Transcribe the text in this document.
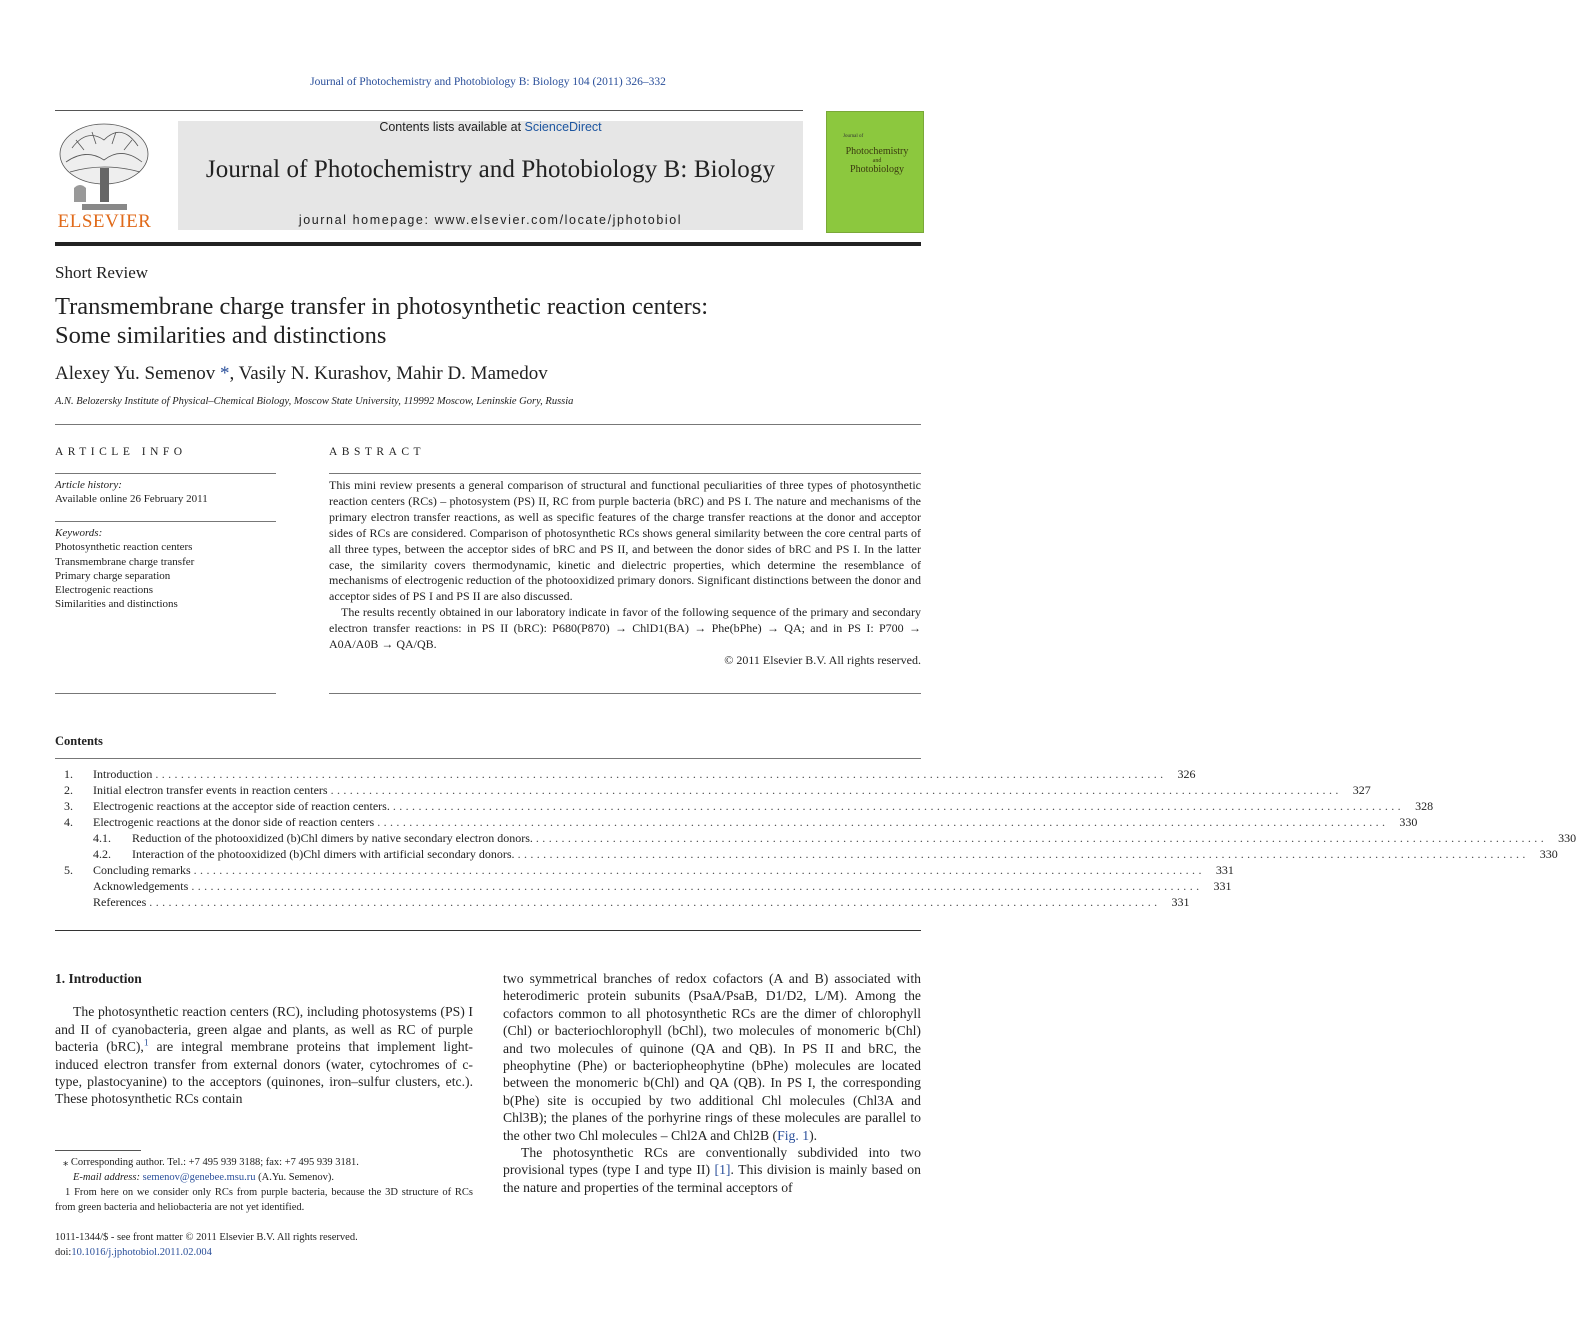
Journal of Photochemistry and Photobiology B: Biology 104 (2011) 326–332
ELSEVIER
Contents lists available at ScienceDirect
Journal of Photochemistry and Photobiology B: Biology
journal homepage: www.elsevier.com/locate/jphotobiol
Journal of
Photochemistry
and
Photobiology
Short Review
Transmembrane charge transfer in photosynthetic reaction centers:
Some similarities and distinctions
Alexey Yu. Semenov *, Vasily N. Kurashov, Mahir D. Mamedov
A.N. Belozersky Institute of Physical–Chemical Biology, Moscow State University, 119992 Moscow, Leninskie Gory, Russia
ARTICLE INFO
Article history:
Available online 26 February 2011
Keywords:
Photosynthetic reaction centers
Transmembrane charge transfer
Primary charge separation
Electrogenic reactions
Similarities and distinctions
ABSTRACT

This mini review presents a general comparison of structural and functional peculiarities of three types of photosynthetic reaction centers (RCs) – photosystem (PS) II, RC from purple bacteria (bRC) and PS I. The nature and mechanisms of the primary electron transfer reactions, as well as specific features of the charge transfer reactions at the donor and acceptor sides of RCs are considered. Comparison of photosynthetic RCs shows general similarity between the core central parts of all three types, between the acceptor sides of bRC and PS II, and between the donor sides of bRC and PS I. In the latter case, the similarity covers thermodynamic, kinetic and dielectric properties, which determine the resemblance of mechanisms of electrogenic reduction of the photooxidized primary donors. Significant distinctions between the donor and acceptor sides of PS I and PS II are also discussed.

The results recently obtained in our laboratory indicate in favor of the following sequence of the primary and secondary electron transfer reactions: in PS II (bRC): P680(P870) → ChlD1(BA) → Phe(bPhe) → QA; and in PS I: P700 → A0A/A0B → QA/QB.

© 2011 Elsevier B.V. All rights reserved.

Contents
1.	Introduction .............................................................................................................................................................. 326
2.	Initial electron transfer events in reaction centers .............................................................................................................................................................. 327
3.	Electrogenic reactions at the acceptor side of reaction centers. .............................................................................................................................................................. 328
4.	Electrogenic reactions at the donor side of reaction centers .............................................................................................................................................................. 330
4.1.	Reduction of the photooxidized (b)Chl dimers by native secondary electron donors. .............................................................................................................................................................. 330
4.2.	Interaction of the photooxidized (b)Chl dimers with artificial secondary donors. .............................................................................................................................................................. 330
5.	Concluding remarks .............................................................................................................................................................. 331
Acknowledgements .............................................................................................................................................................. 331
References .............................................................................................................................................................. 331
1. Introduction

The photosynthetic reaction centers (RC), including photosystems (PS) I and II of cyanobacteria, green algae and plants, as well as RC of purple bacteria (bRC),$^1$ are integral membrane proteins that implement light-induced electron transfer from external donors (water, cytochromes of c-type, plastocyanine) to the acceptors (quinones, iron–sulfur clusters, etc.). These photosynthetic RCs contain

two symmetrical branches of redox cofactors (A and B) associated with heterodimeric protein subunits (PsaA/PsaB, D1/D2, L/M). Among the cofactors common to all photosynthetic RCs are the dimer of chlorophyll (Chl) or bacteriochlorophyll (bChl), two molecules of monomeric b(Chl) and two molecules of quinone (QA and QB). In PS II and bRC, the pheophytine (Phe) or bacteriopheophytine (bPhe) molecules are located between the monomeric b(Chl) and QA (QB). In PS I, the corresponding b(Phe) site is occupied by two additional Chl molecules (Chl3A and Chl3B); the planes of the porhyrine rings of these molecules are parallel to the other two Chl molecules – Chl2A and Chl2B (Fig. 1).

The photosynthetic RCs are conventionally subdivided into two provisional types (type I and type II) [1]. This division is mainly based on the nature and properties of the terminal acceptors of

⁎ Corresponding author. Tel.: +7 495 939 3188; fax: +7 495 939 3181.

E-mail address: semenov@genebee.msu.ru (A.Yu. Semenov).

1 From here on we consider only RCs from purple bacteria, because the 3D structure of RCs from green bacteria and heliobacteria are not yet identified.

1011-1344/$ - see front matter © 2011 Elsevier B.V. All rights reserved.
doi:10.1016/j.jphotobiol.2011.02.004
